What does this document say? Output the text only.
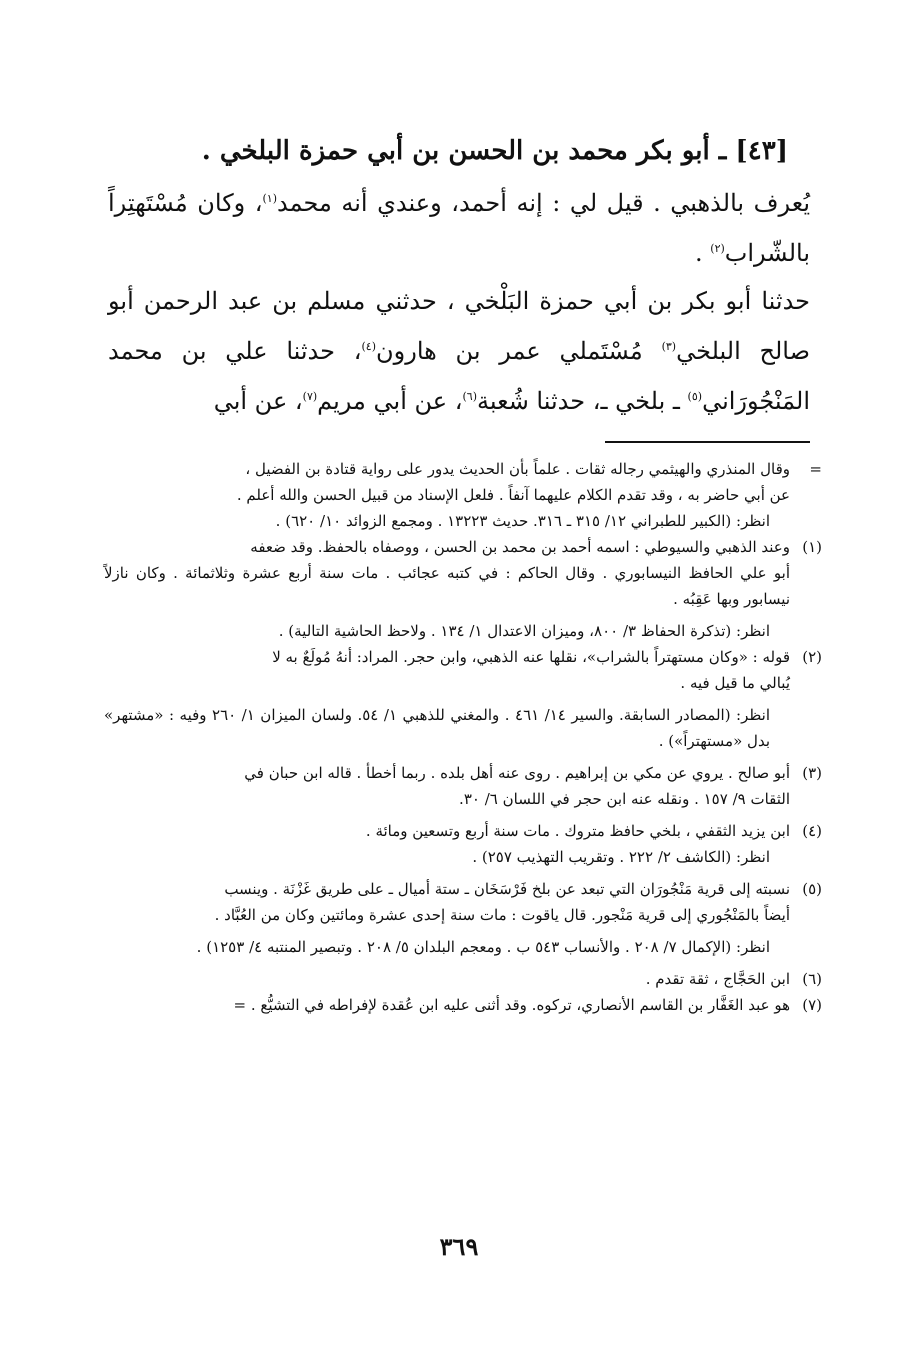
[٤٣] ـ أبو بكر محمد بن الحسن بن أبي حمزة البلخي .

يُعرف بالذهبي . قيل لي : إنه أحمد، وعندي أنه محمد$^{(١)}$، وكان مُسْتَهتِراً بالشّراب$^{(٢)}$ .

حدثنا أبو بكر بن أبي حمزة البَلْخي ، حدثني مسلم بن عبد الرحمن أبو صالح البلخي$^{(٣)}$ مُسْتَملي عمر بن هارون$^{(٤)}$، حدثنا علي بن محمد المَنْجُورَاني$^{(٥)}$ ـ بلخي ـ، حدثنا شُعبة$^{(٦)}$، عن أبي مريم$^{(٧)}$، عن أبي

=
وقال المنذري والهيثمي رجاله ثقات . علماً بأن الحديث يدور على رواية قتادة بن الفضيل ،

عن أبي حاضر به ، وقد تقدم الكلام عليهما آنفاً . فلعل الإسناد من قبيل الحسن والله أعلم .

انظر: (الكبير للطبراني ١٢/ ٣١٥ ـ ٣١٦. حديث ١٣٢٢٣ . ومجمع الزوائد ١٠/ ٦٢٠) .

(١)
وعند الذهبي والسيوطي : اسمه أحمد بن محمد بن الحسن ، ووصفاه بالحفظ. وقد ضعفه

أبو علي الحافظ النيسابوري . وقال الحاكم : في كتبه عجائب . مات سنة أربع عشرة وثلاثمائة . وكان نازلاً نيسابور وبها عَقِبُه .

انظر: (تذكرة الحفاظ ٣/ ٨٠٠، وميزان الاعتدال ١/ ١٣٤ . ولاحظ الحاشية التالية) .

(٢)
قوله : «وكان مستهتراً بالشراب»، نقلها عنه الذهبي، وابن حجر. المراد: أنهُ مُولَعٌ به لا

يُبالي ما قيل فيه .

انظر: (المصادر السابقة. والسير ١٤/ ٤٦١ . والمغني للذهبي ١/ ٥٤. ولسان الميزان ١/ ٢٦٠ وفيه : «مشتهر» بدل «مستهتراً») .

(٣)
أبو صالح . يروي عن مكي بن إبراهيم . روى عنه أهل بلده . ربما أخطأ . قاله ابن حبان في

الثقات ٩/ ١٥٧ . ونقله عنه ابن حجر في اللسان ٦/ ٣٠.

(٤)
ابن يزيد الثقفي ، بلخي حافظ متروك . مات سنة أربع وتسعين ومائة .

انظر: (الكاشف ٢/ ٢٢٢ . وتقريب التهذيب ٢٥٧) .

(٥)
نسبته إلى قرية مَنْجُورَان التي تبعد عن بلخ فَرْسَخَان ـ ستة أميال ـ على طريق غَزْنَة . وينسب

أيضاً بالمَنْجُوري إلى قرية مَنْجور. قال ياقوت : مات سنة إحدى عشرة ومائتين وكان من العُبَّاد .

انظر: (الإكمال ٧/ ٢٠٨ . والأنساب ٥٤٣ ب . ومعجم البلدان ٥/ ٢٠٨ . وتبصير المنتبه ٤/ ١٢٥٣) .

(٦)
ابن الحَجَّاج ، ثقة تقدم .

(٧)
هو عبد الغَفَّار بن القاسم الأنصاري، تركوه. وقد أثنى عليه ابن عُقدة لإفراطه في التشيُّع . =

٣٦٩
